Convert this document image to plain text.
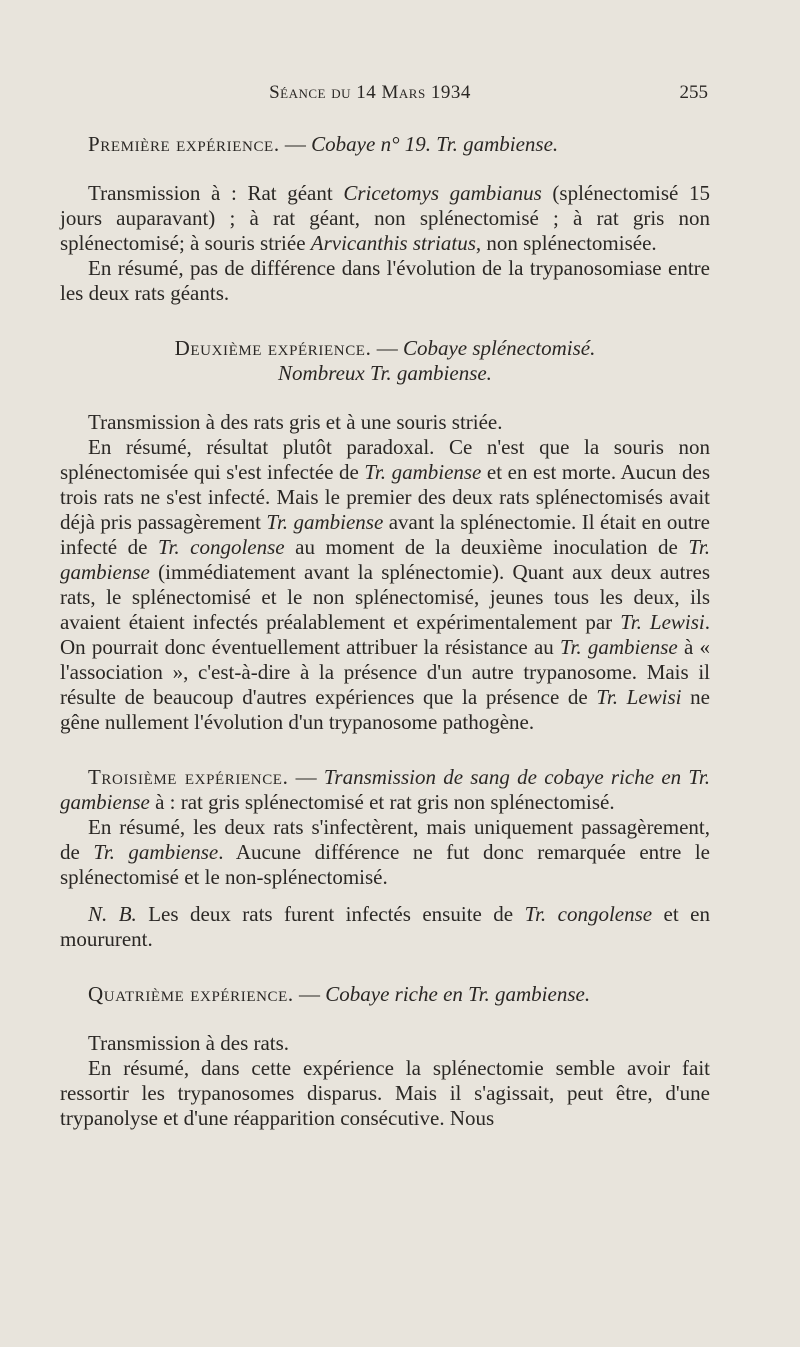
Séance du 14 Mars 1934	255

Première expérience. — Cobaye n° 19. Tr. gambiense.

Transmission à : Rat géant Cricetomys gambianus (splénectomisé 15 jours auparavant) ; à rat géant, non splénectomisé ; à rat gris non splénectomisé; à souris striée Arvicanthis striatus, non splénectomisée.

En résumé, pas de différence dans l'évolution de la trypanosomiase entre les deux rats géants.

Deuxième expérience. — Cobaye splénectomisé.

Nombreux Tr. gambiense.

Transmission à des rats gris et à une souris striée.

En résumé, résultat plutôt paradoxal. Ce n'est que la souris non splénectomisée qui s'est infectée de Tr. gambiense et en est morte. Aucun des trois rats ne s'est infecté. Mais le premier des deux rats splénectomisés avait déjà pris passagèrement Tr. gambiense avant la splénectomie. Il était en outre infecté de Tr. congolense au moment de la deuxième inoculation de Tr. gambiense (immédiatement avant la splénectomie). Quant aux deux autres rats, le splénectomisé et le non splénectomisé, jeunes tous les deux, ils avaient étaient infectés préalablement et expérimentalement par Tr. Lewisi. On pourrait donc éventuellement attribuer la résistance au Tr. gambiense à « l'association », c'est-à-dire à la présence d'un autre trypanosome. Mais il résulte de beaucoup d'autres expériences que la présence de Tr. Lewisi ne gêne nullement l'évolution d'un trypanosome pathogène.

Troisième expérience. — Transmission de sang de cobaye riche en Tr. gambiense à : rat gris splénectomisé et rat gris non splénectomisé.

En résumé, les deux rats s'infectèrent, mais uniquement passagèrement, de Tr. gambiense. Aucune différence ne fut donc remarquée entre le splénectomisé et le non-splénectomisé.

N. B. Les deux rats furent infectés ensuite de Tr. congolense et en moururent.

Quatrième expérience. — Cobaye riche en Tr. gambiense.

Transmission à des rats.

En résumé, dans cette expérience la splénectomie semble avoir fait ressortir les trypanosomes disparus. Mais il s'agissait, peut être, d'une trypanolyse et d'une réapparition consécutive. Nous
